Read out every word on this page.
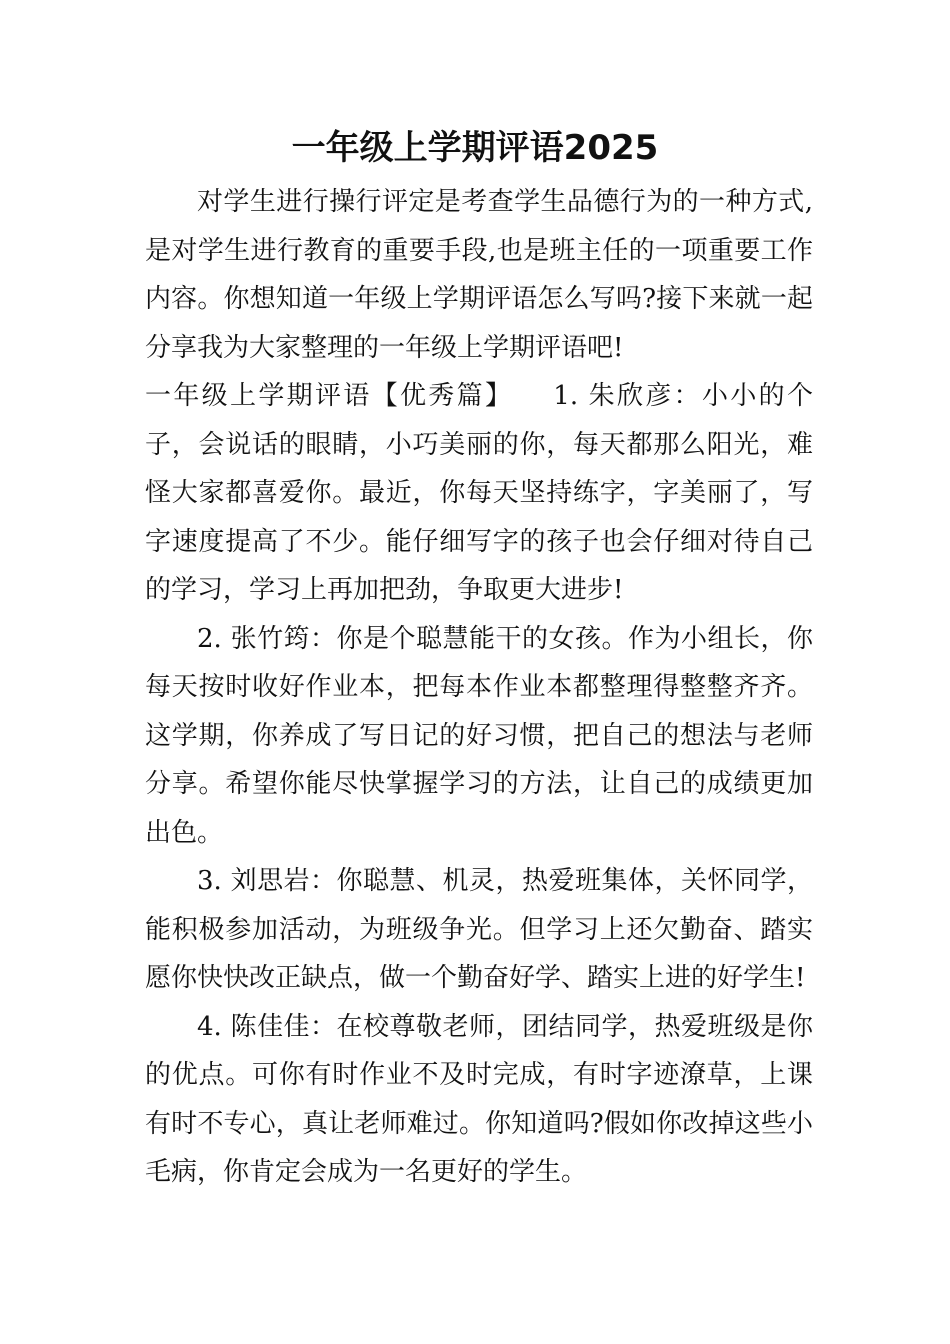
一年级上学期评语2025

对学生进行操行评定是考查学生品德行为的一种方式,是对学生进行教育的重要手段,也是班主任的一项重要工作内容。你想知道一年级上学期评语怎么写吗?接下来就一起分享我为大家整理的一年级上学期评语吧!

一年级上学期评语【优秀篇】 1. 朱欣彦：小小的个子，会说话的眼睛，小巧美丽的你，每天都那么阳光，难怪大家都喜爱你。最近，你每天坚持练字，字美丽了，写字速度提高了不少。能仔细写字的孩子也会仔细对待自己的学习，学习上再加把劲，争取更大进步!

2. 张竹筠：你是个聪慧能干的女孩。作为小组长，你每天按时收好作业本，把每本作业本都整理得整整齐齐。这学期，你养成了写日记的好习惯，把自己的想法与老师分享。希望你能尽快掌握学习的方法，让自己的成绩更加出色。

3. 刘思岩：你聪慧、机灵，热爱班集体，关怀同学，能积极参加活动，为班级争光。但学习上还欠勤奋、踏实愿你快快改正缺点，做一个勤奋好学、踏实上进的好学生!

4. 陈佳佳：在校尊敬老师，团结同学，热爱班级是你的优点。可你有时作业不及时完成，有时字迹潦草，上课有时不专心，真让老师难过。你知道吗?假如你改掉这些小毛病，你肯定会成为一名更好的学生。
